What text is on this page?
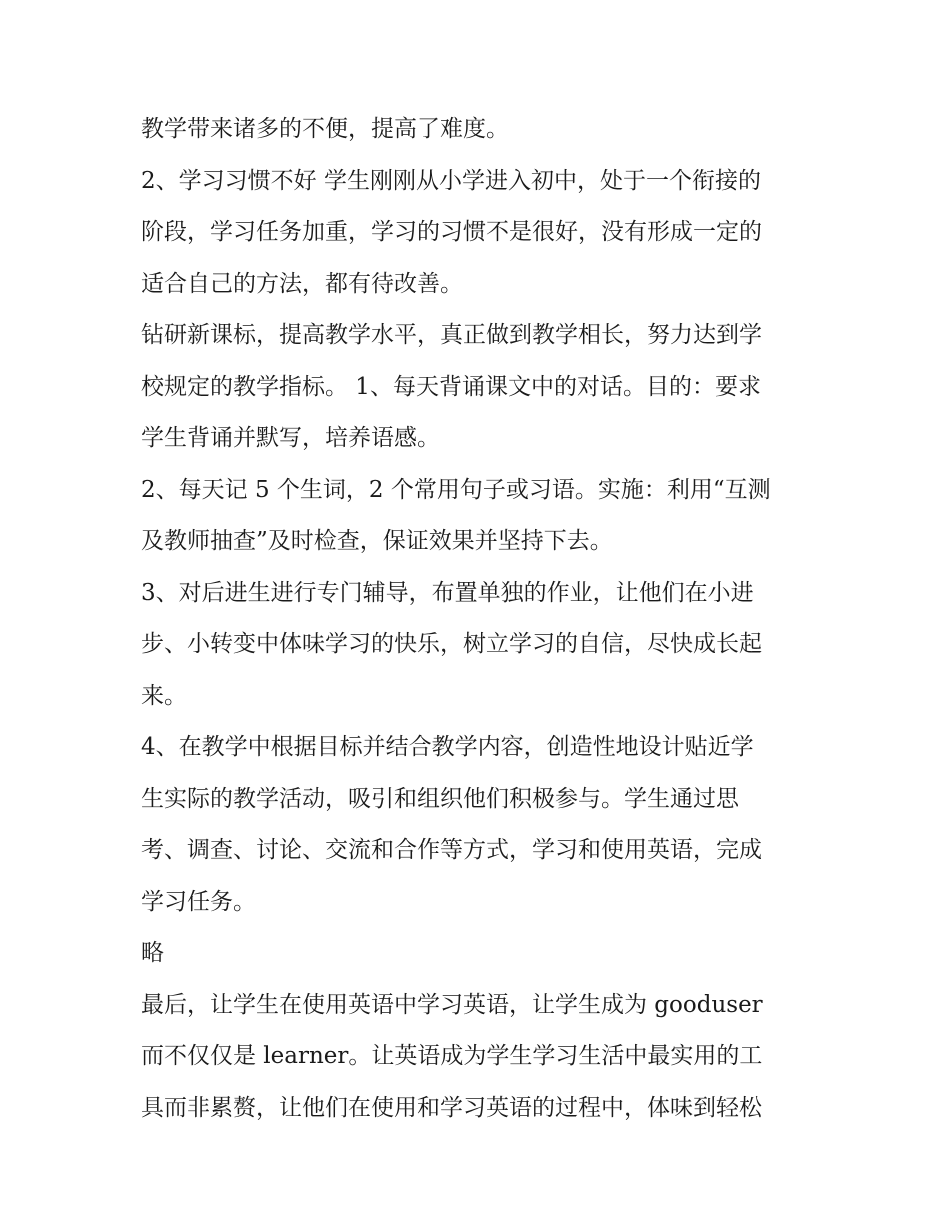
教学带来诸多的不便，提高了难度。

2、学习习惯不好 学生刚刚从小学进入初中，处于一个衔接的

阶段，学习任务加重，学习的习惯不是很好，没有形成一定的

适合自己的方法，都有待改善。

钻研新课标，提高教学水平，真正做到教学相长，努力达到学

校规定的教学指标。 1、每天背诵课文中的对话。目的：要求

学生背诵并默写，培养语感。

2、每天记 5 个生词，2 个常用句子或习语。实施：利用“互测

及教师抽查”及时检查，保证效果并坚持下去。

3、对后进生进行专门辅导，布置单独的作业，让他们在小进

步、小转变中体味学习的快乐，树立学习的自信，尽快成长起

来。

4、在教学中根据目标并结合教学内容，创造性地设计贴近学

生实际的教学活动，吸引和组织他们积极参与。学生通过思

考、调查、讨论、交流和合作等方式，学习和使用英语，完成

学习任务。

略

最后，让学生在使用英语中学习英语，让学生成为 gooduser

而不仅仅是 learner。让英语成为学生学习生活中最实用的工

具而非累赘，让他们在使用和学习英语的过程中，体味到轻松
